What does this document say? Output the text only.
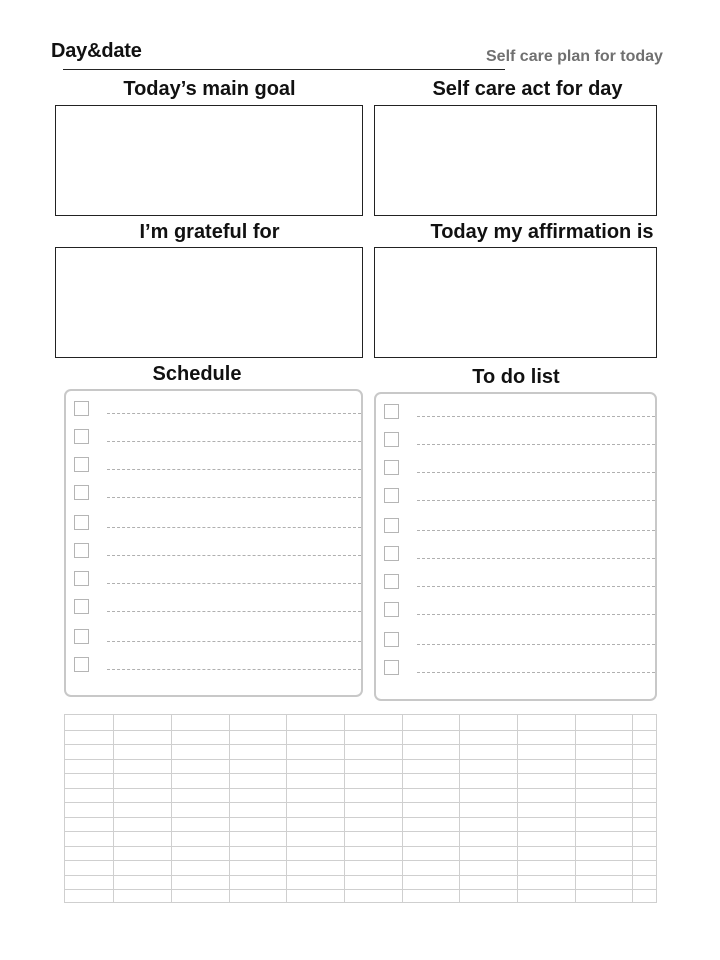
Day&date	Self care plan for today
Today’s main goal	Self care act for day
I’m grateful for	Today my affirmation is
Schedule	To do list
